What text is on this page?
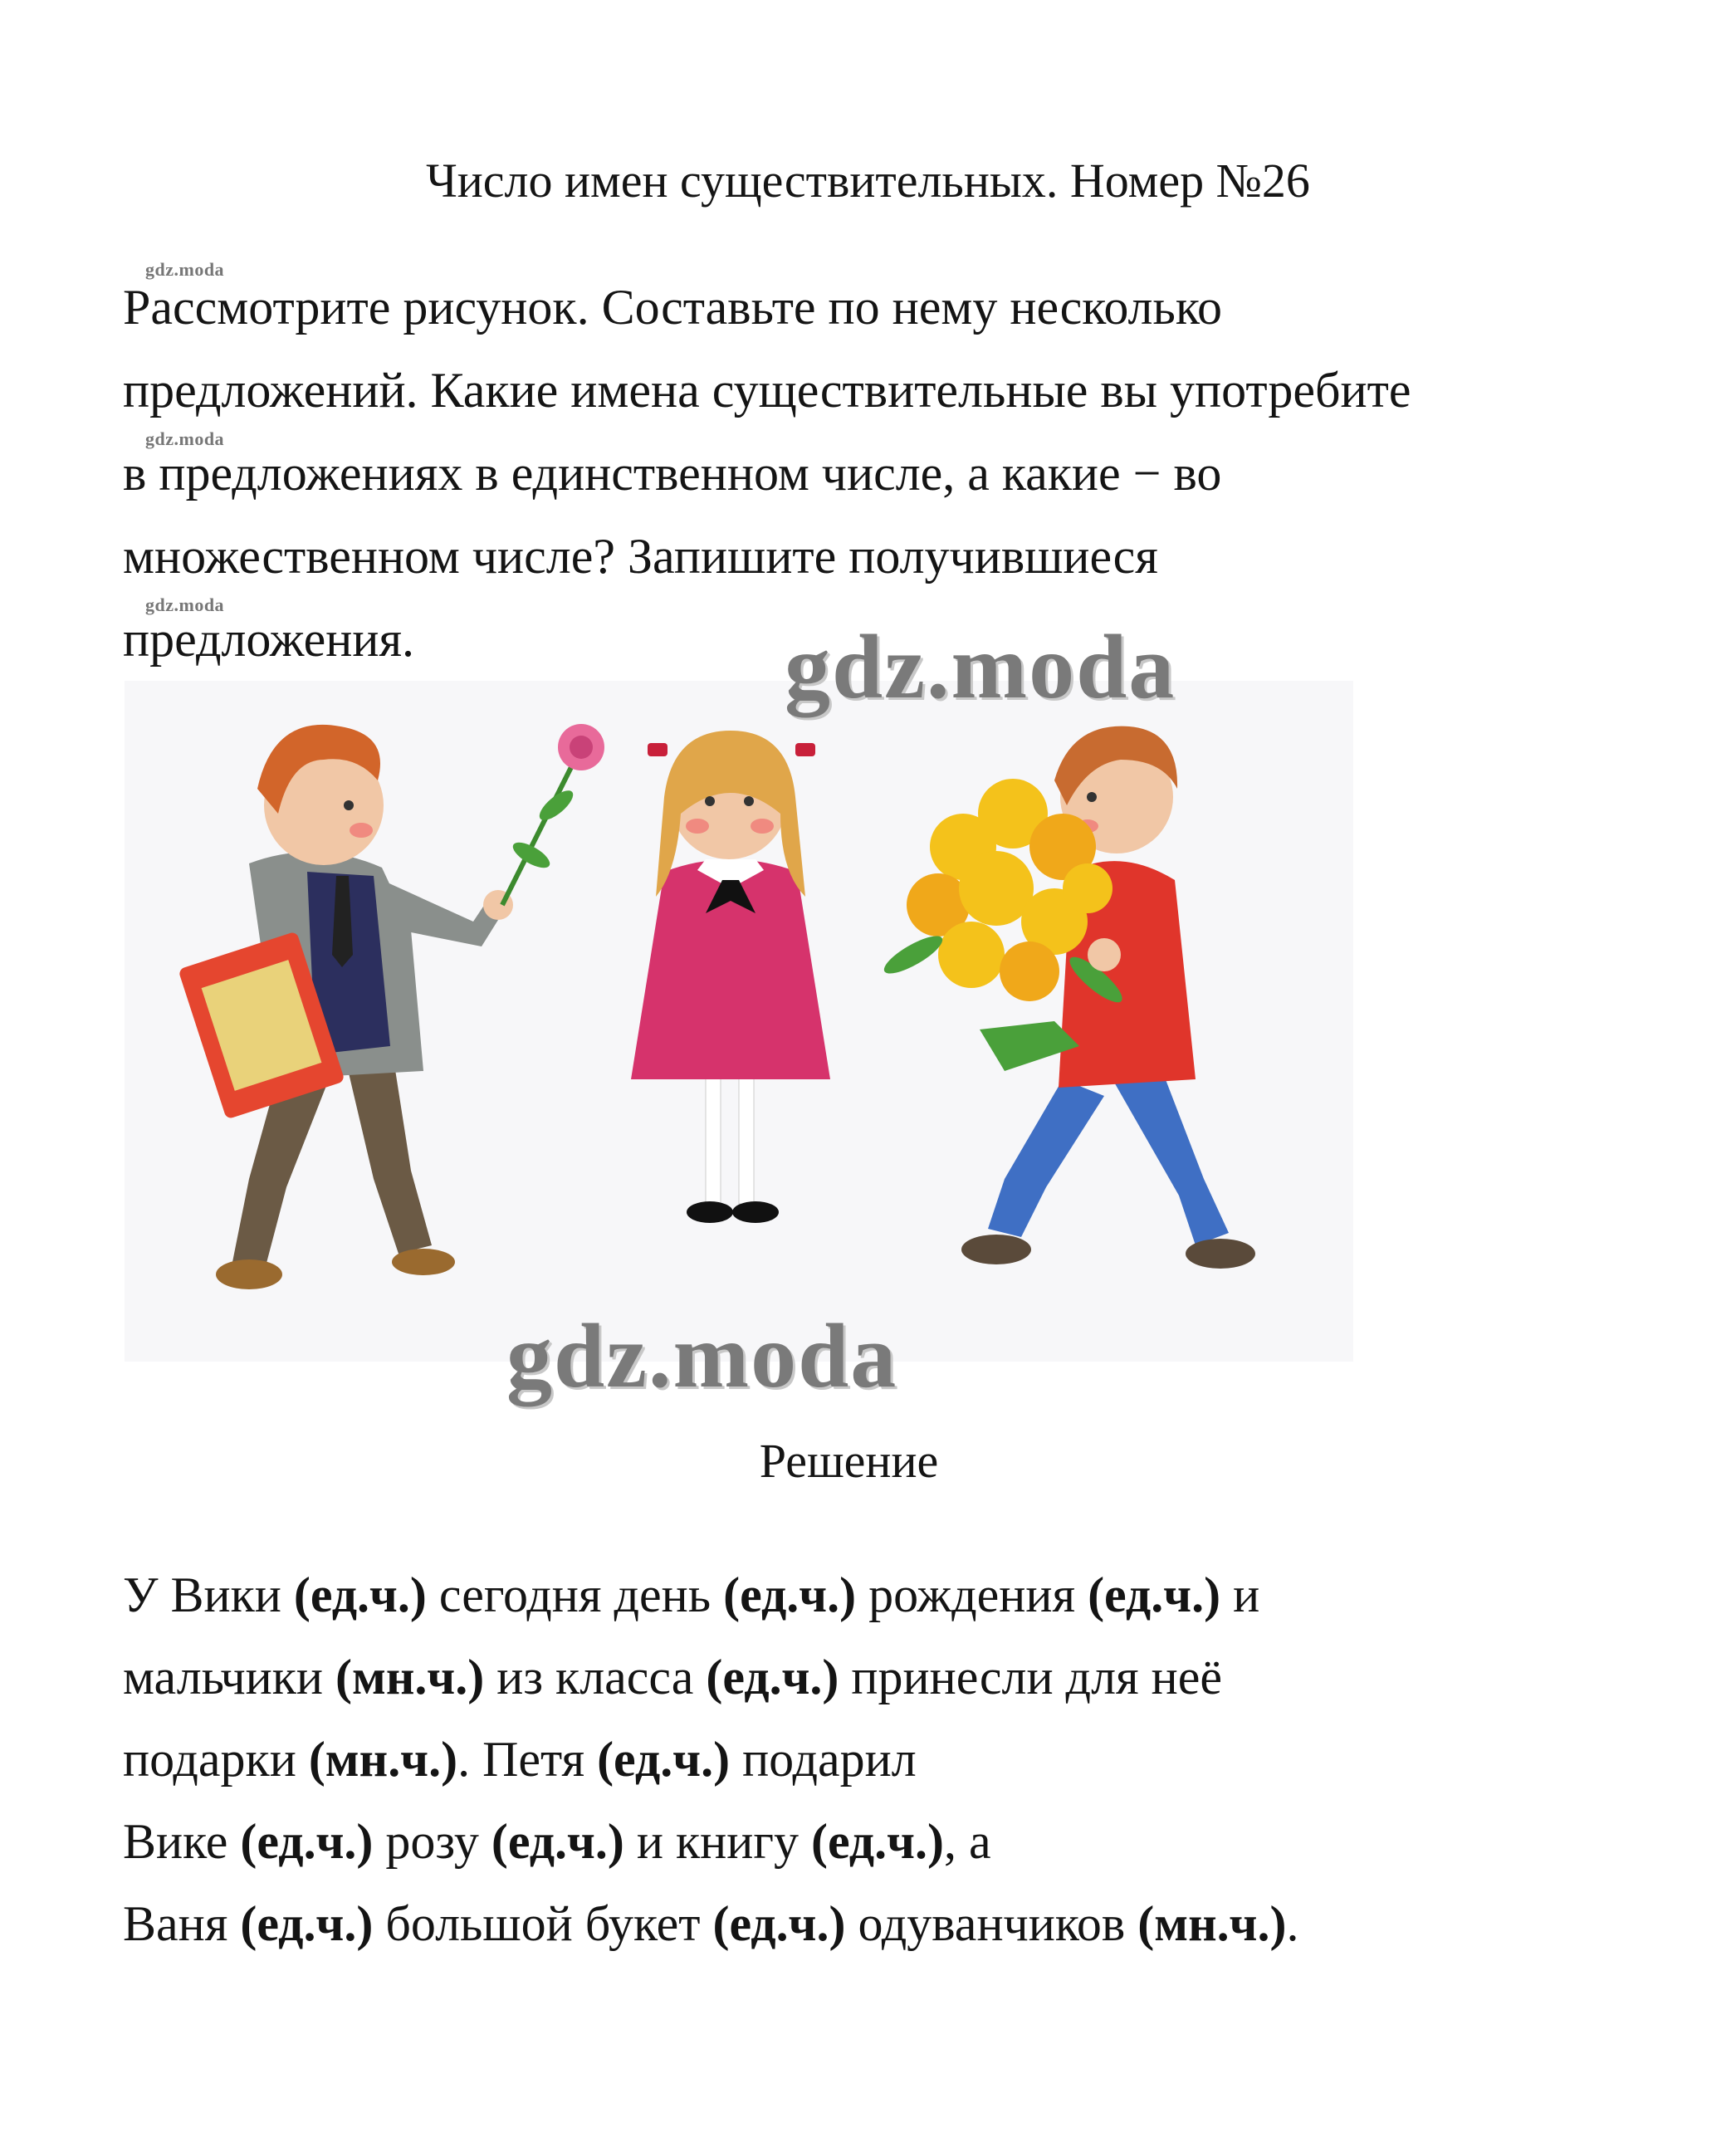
Число имен существительных. Номер №26
gdz.moda
gdz.moda
gdz.moda

Рассмотрите рисунок. Составьте по нему несколько

предложений. Какие имена существительные вы употребите

в предложениях в единственном числе, а какие − во

множественном числе? Запишите получившиеся

предложения.	gdz.moda
gdz.moda
Решение

У Вики (ед.ч.) сегодня день (ед.ч.) рождения (ед.ч.) и

мальчики (мн.ч.) из класса (ед.ч.) принесли для неё

подарки (мн.ч.). Петя (ед.ч.) подарил

Вике (ед.ч.) розу (ед.ч.) и книгу (ед.ч.), а

Ваня (ед.ч.) большой букет (ед.ч.) одуванчиков (мн.ч.).
